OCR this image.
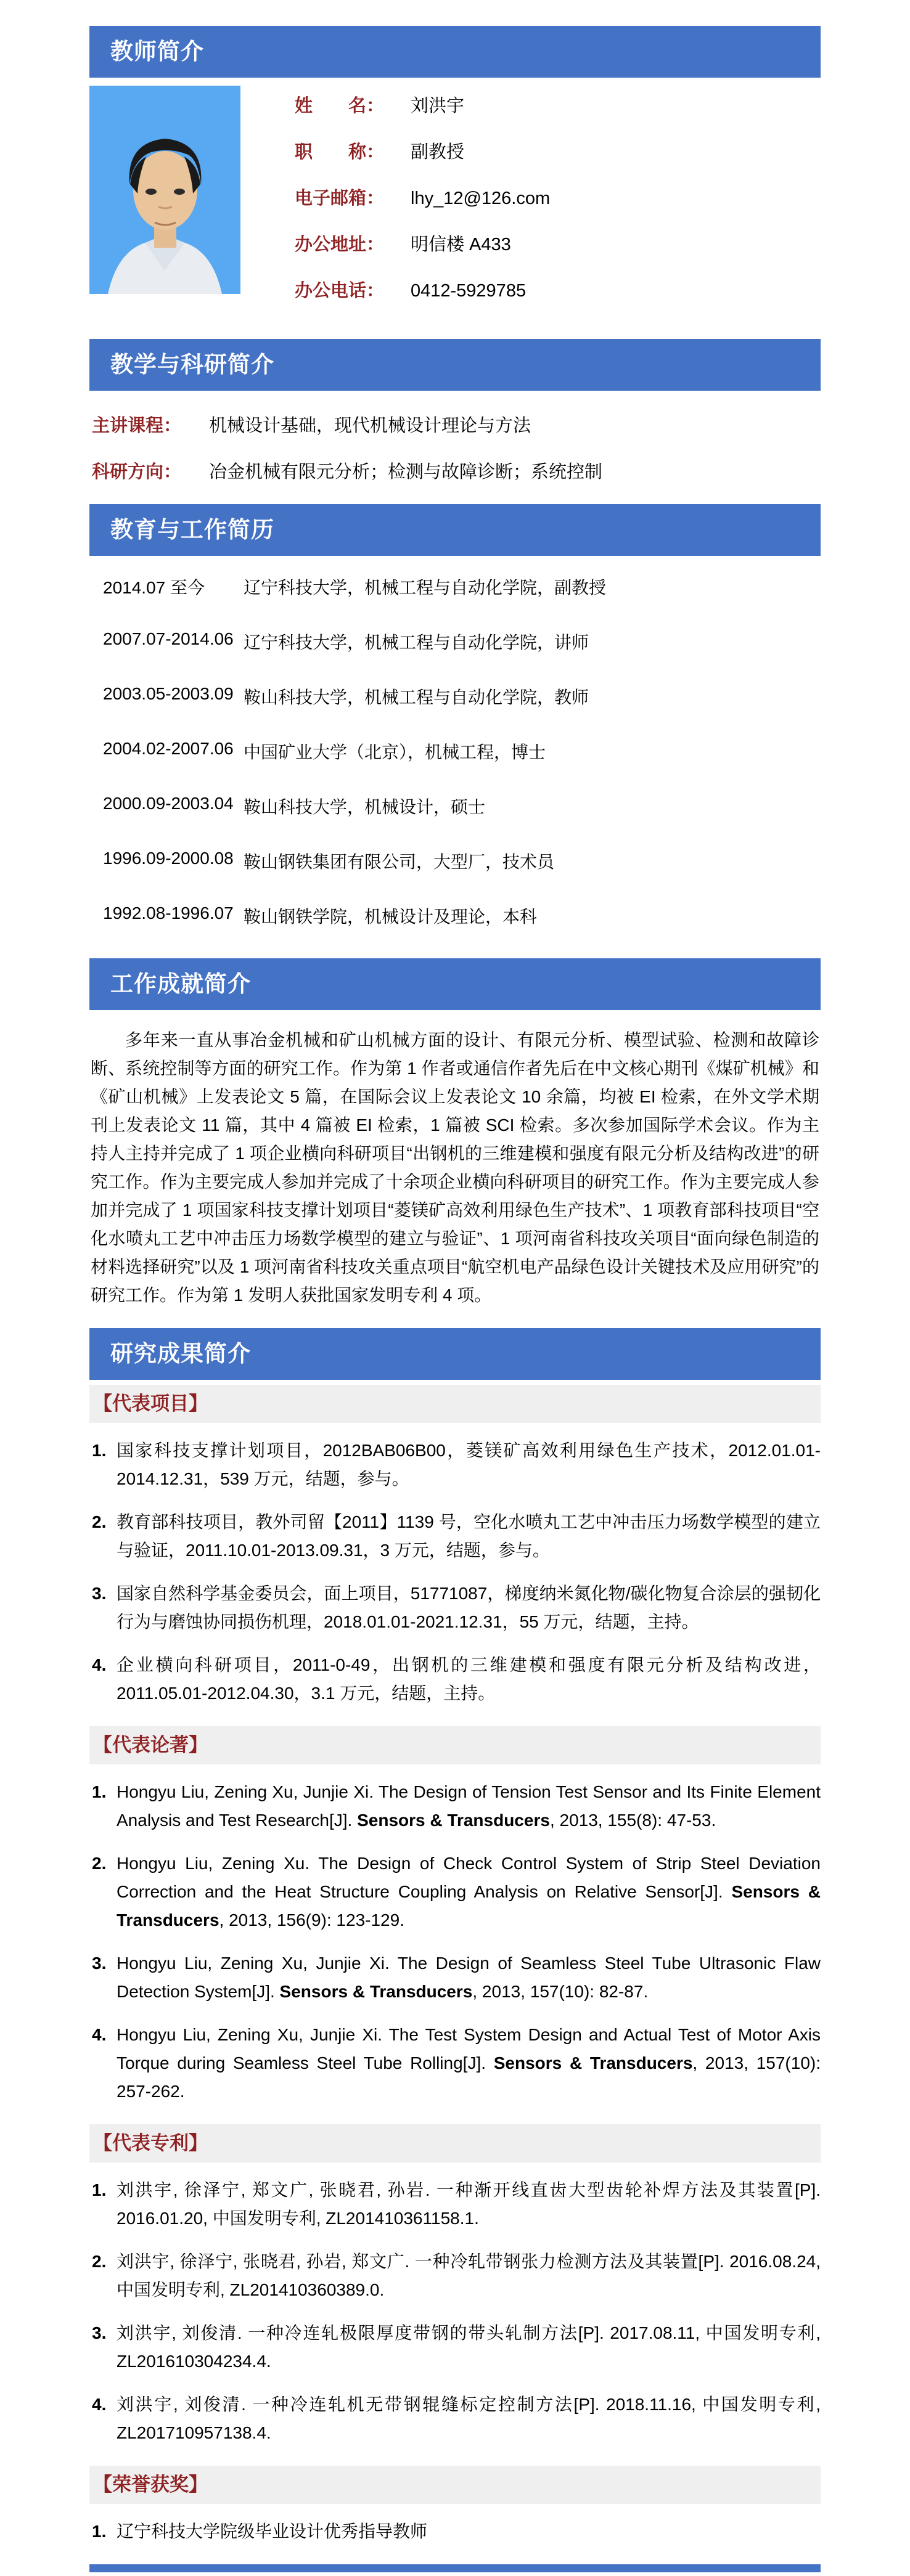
教师简介
姓　　名：	刘洪宇
职　　称：	副教授
电子邮箱：	lhy_12@126.com
办公地址：	明信楼 A433
办公电话：	0412-5929785
教学与科研简介
主讲课程：	机械设计基础，现代机械设计理论与方法
科研方向：	冶金机械有限元分析；检测与故障诊断；系统控制
教育与工作简历
2014.07 至今	辽宁科技大学，机械工程与自动化学院，副教授
2007.07-2014.06 辽宁科技大学，机械工程与自动化学院，讲师
2003.05-2003.09 鞍山科技大学，机械工程与自动化学院，教师
2004.02-2007.06 中国矿业大学（北京），机械工程，博士
2000.09-2003.04 鞍山科技大学，机械设计，硕士
1996.09-2000.08 鞍山钢铁集团有限公司，大型厂，技术员
1992.08-1996.07 鞍山钢铁学院，机械设计及理论，本科
工作成就简介

多年来一直从事冶金机械和矿山机械方面的设计、有限元分析、模型试验、检测和故障诊断、系统控制等方面的研究工作。作为第 1 作者或通信作者先后在中文核心期刊《煤矿机械》和《矿山机械》上发表论文 5 篇，在国际会议上发表论文 10 余篇，均被 EI 检索，在外文学术期刊上发表论文 11 篇，其中 4 篇被 EI 检索，1 篇被 SCI 检索。多次参加国际学术会议。作为主持人主持并完成了 1 项企业横向科研项目“出钢机的三维建模和强度有限元分析及结构改进”的研究工作。作为主要完成人参加并完成了十余项企业横向科研项目的研究工作。作为主要完成人参加并完成了 1 项国家科技支撑计划项目“菱镁矿高效利用绿色生产技术”、1 项教育部科技项目“空化水喷丸工艺中冲击压力场数学模型的建立与验证”、1 项河南省科技攻关项目“面向绿色制造的材料选择研究”以及 1 项河南省科技攻关重点项目“航空机电产品绿色设计关键技术及应用研究”的研究工作。作为第 1 发明人获批国家发明专利 4 项。

研究成果简介
【代表项目】
1. 国家科技支撑计划项目，2012BAB06B00，菱镁矿高效利用绿色生产技术，2012.01.01-2014.12.31，539 万元，结题，参与。
2. 教育部科技项目，教外司留【2011】1139 号，空化水喷丸工艺中冲击压力场数学模型的建立与验证，2011.10.01-2013.09.31，3 万元，结题，参与。
3. 国家自然科学基金委员会，面上项目，51771087，梯度纳米氮化物/碳化物复合涂层的强韧化行为与磨蚀协同损伤机理，2018.01.01-2021.12.31，55 万元，结题，主持。
4. 企业横向科研项目，2011-0-49，出钢机的三维建模和强度有限元分析及结构改进，2011.05.01-2012.04.30，3.1 万元，结题，主持。
【代表论著】
1. Hongyu Liu, Zening Xu, Junjie Xi. The Design of Tension Test Sensor and Its Finite Element Analysis and Test Research[J]. Sensors & Transducers, 2013, 155(8): 47-53.
2. Hongyu Liu, Zening Xu. The Design of Check Control System of Strip Steel Deviation Correction and the Heat Structure Coupling Analysis on Relative Sensor[J]. Sensors & Transducers, 2013, 156(9): 123-129.
3. Hongyu Liu, Zening Xu, Junjie Xi. The Design of Seamless Steel Tube Ultrasonic Flaw Detection System[J]. Sensors & Transducers, 2013, 157(10): 82-87.
4. Hongyu Liu, Zening Xu, Junjie Xi. The Test System Design and Actual Test of Motor Axis Torque during Seamless Steel Tube Rolling[J]. Sensors & Transducers, 2013, 157(10): 257-262.
【代表专利】
1. 刘洪宇, 徐泽宁, 郑文广, 张晓君, 孙岩. 一种渐开线直齿大型齿轮补焊方法及其装置[P]. 2016.01.20, 中国发明专利, ZL201410361158.1.
2. 刘洪宇, 徐泽宁, 张晓君, 孙岩, 郑文广. 一种冷轧带钢张力检测方法及其装置[P]. 2016.08.24, 中国发明专利, ZL201410360389.0.
3. 刘洪宇, 刘俊清. 一种冷连轧极限厚度带钢的带头轧制方法[P]. 2017.08.11, 中国发明专利, ZL201610304234.4.
4. 刘洪宇, 刘俊清. 一种冷连轧机无带钢辊缝标定控制方法[P]. 2018.11.16, 中国发明专利, ZL201710957138.4.
【荣誉获奖】
1. 辽宁科技大学院级毕业设计优秀指导教师
